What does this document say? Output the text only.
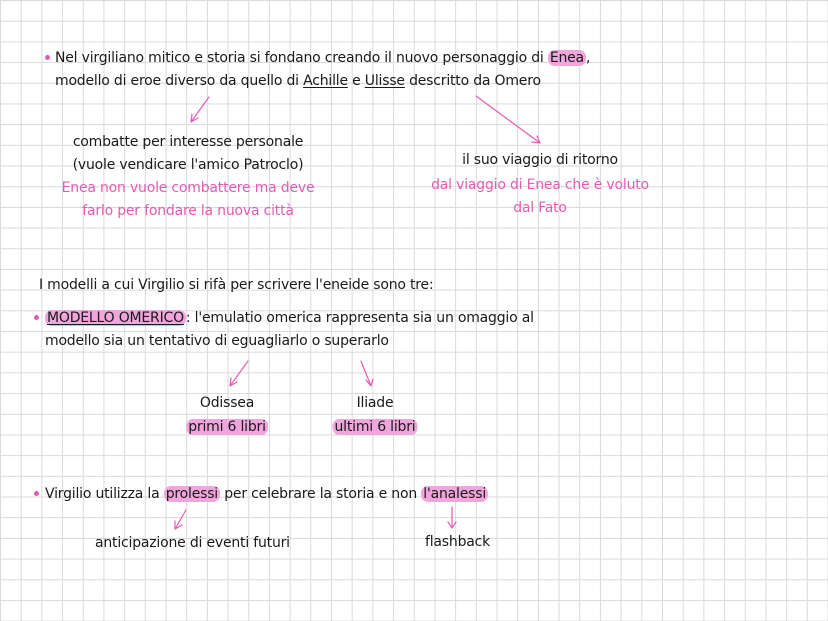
Nel virgiliano mitico e storia si fondano creando il nuovo personaggio di Enea ,
modello di eroe diverso da quello di Achille e Ulisse descritto da Omero
combatte per interesse personale
(vuole vendicare l'amico Patroclo)
Enea non vuole combattere ma deve
farlo per fondare la nuova città
il suo viaggio di ritorno
dal viaggio di Enea che è voluto
dal Fato
I modelli a cui Virgilio si rifà per scrivere l'eneide sono tre:
MODELLO OMERICO : l'emulatio omerica rappresenta sia un omaggio al
modello sia un tentativo di eguagliarlo o superarlo
Odissea
primi 6 libri
Iliade
ultimi 6 libri
Virgilio utilizza la prolessi per celebrare la storia e non l'analessi
anticipazione di eventi futuri	flashback
